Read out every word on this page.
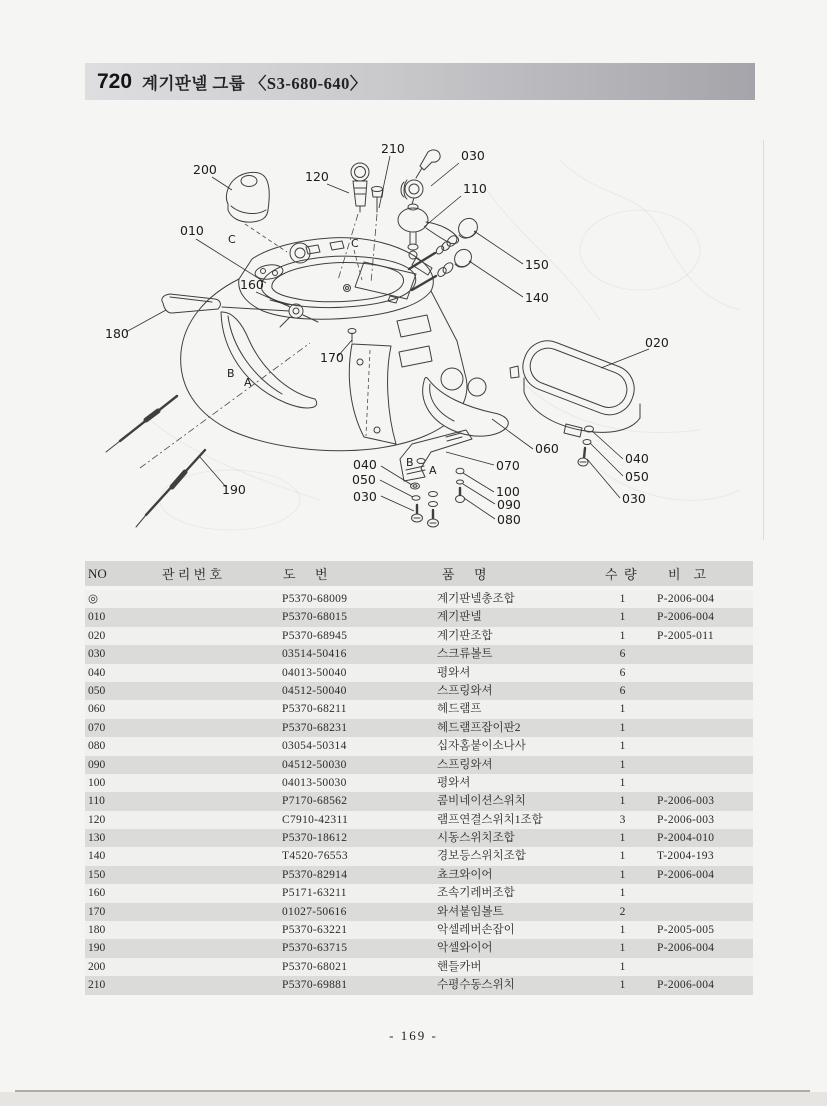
720 계기판넬 그룹 〈S3-680-640〉
200	120
210	030
110
010
160
180
150
140
020
170
060
070
040
050
030	100
090
080
040
050
030
190
C	C
B
A
B
A
NO	관 리 번 호	도      번	품      명	수  량	비    고
◎	P5370-68009	계기판넬총조합	1	P-2006-004
010	P5370-68015	계기판넬	1	P-2006-004
020	P5370-68945	계기판조합	1	P-2005-011
030	03514-50416	스크류볼트	6
040	04013-50040	평와셔	6
050	04512-50040	스프링와셔	6
060	P5370-68211	헤드램프	1
070	P5370-68231	헤드램프잡이판2	1
080	03054-50314	십자홈붙이소나사	1
090	04512-50030	스프링와셔	1
100	04013-50030	평와셔	1
110	P7170-68562	콤비네이션스위치	1	P-2006-003
120	C7910-42311	램프연결스위치1조합	3	P-2006-003
130	P5370-18612	시동스위치조합	1	P-2004-010
140	T4520-76553	경보등스위치조합	1	T-2004-193
150	P5370-82914	쵸크와이어	1	P-2006-004
160	P5171-63211	조속기레버조합	1
170	01027-50616	와셔붙임볼트	2
180	P5370-63221	악셀레버손잡이	1	P-2005-005
190	P5370-63715	악셀와이어	1	P-2006-004
200	P5370-68021	핸들카버	1
210	P5370-69881	수평수동스위치	1	P-2006-004
- 169 -
